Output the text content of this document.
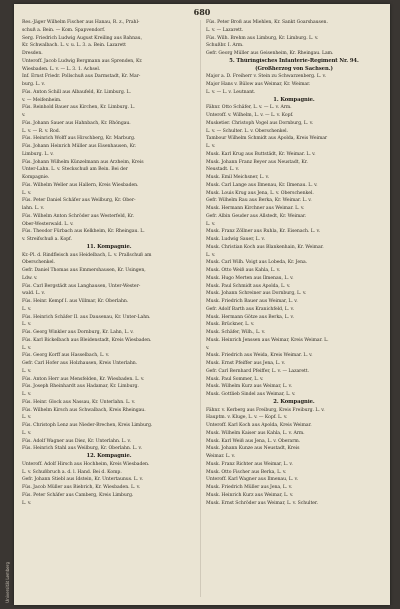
680
Res.-Jäger Wilhelm Fischer aus Hanau, R. z., Prahl-
schuß a. Bein. — Kom. Spapvendorf.
Serg. Friedrich Ludwig August Kreiling aus Bahnau,
Kr. Schwalbach. L. v. u. L. 3. a. Bein. Lazarett
Dresden.
Unteroff. Jacob Ludwig Bergmann aus Sprenden, Kr.
Wiesbaden. L. v. — L. 3. 1. Achsel.
Inf. Ernst Friedr. Pollschuß aus Darmstadt, Kr. Mar-
burg. L. v.
Füs. Anton Schill aus Albaufeld, Kr. Limburg. L.
v. — Meifenheim.
Füs. Reinhold Bauer aus Kirchen, Kr. Limburg. L.
v.
Füs. Johann Sauer aus Hahnbach, Kr. Rhöngau.
L. v. — R. v. Rod.
Füs. Heinrich Wolff aus Hirschberg, Kr. Marburg.
Füs. Johann Heinrich Müller aus Eisenhausen, Kr.
Limburg. L. v.
Füs. Johann Wilhelm Künzelmann aus Arzheim, Kreis
Unter-Lahn. L. v. Steckschuß am Bein. Bei der
Kompagnie.
Füs. Wilhelm Weller aus Hallern, Kreis Wiesbaden.
L. v.
Füs. Peter Daniel Schäfer aus Weilburg, Kr. Ober-
lahn. L. v.
Füs. Wilhelm Anton Schröder aus Westerfeld, Kr.
Ober-Westerwald. L. v.
Füs. Theodor Fürbach aus Kelkheim, Kr. Rheingau. L.
v. Streifschuß a. Kopf.
11. Kompagnie.
Kr.-Pl. d. Rindfleisch aus Heidelbach, L. v. Prallschuß am
Oberschenkel.
Gefr. Daniel Thomas aus Emmershausen, Kr. Usingen,
Ldw. v.
Füs. Carl Bergstädt aus Langhausen, Unter-Wester-
wald. L. v.
Füs. Heinr. Kempf I. aus Villmar, Kr. Oberlahn.
L. v.
Füs. Heinrich Schäfer II. aus Dausenau, Kr. Unter-Lahn.
L. v.
Füs. Georg Winkler aus Dornburg, Kr. Lahn, L. v.
Füs. Karl Bickelbach aus Bleidenstadt, Kreis Wiesbaden.
L. v.
Füs. Georg Korff aus Hasselbach, L. v.
Gefr. Carl Hofer aus Holzhausen, Kreis Unterlahn.
L. v.
Füs. Anton Herr aus Mensfelden, Kr. Wiesbaden. L. v.
Füs. Joseph Rheinhardt aus Hadamar, Kr. Limburg.
L. v.
Füs. Heinr. Glock aus Nassau, Kr. Unterlahn. L. v.
Füs. Wilhelm Kirsch aus Schwalbach, Kreis Rheingau.
L. v.
Füs. Christoph Lenz aus Nieder-Brechen, Kreis Limburg.
L. v.
Füs. Adolf Wagner aus Diez, Kr. Unterlahn. L. v.
Füs. Heinrich Stahl aus Weilburg, Kr. Oberlahn. L. v.
12. Kompagnie.
Unteroff. Adolf Hirsch aus Hochheim, Kreis Wiesbaden.
L. v. Schußbruch a. d. l. Hand. Bei d. Komp.
Gefr. Johann Stiebl aus Idstein, Kr. Untertaunus. L. v.
Füs. Jacob Müller aus Biebrich, Kr. Wiesbaden. L. v.
Füs. Peter Schäfer aus Camberg, Kreis Limburg.
L. v.
Füs. Peter Broß aus Miehlen, Kr. Sankt Goarshausen.
L. v. — Lazarett.
Füs. Wilh. Brehm aus Limburg, Kr. Limburg. L. v.
Schußbr. I. Arm.
Gefr. Georg Müller aus Geisenheim, Kr. Rheingau. Lam.
5. Thüringisches Infanterie-Regiment Nr. 94.
(Großherzog von Sachsen.)
Major a. D. Freiherr v. Stein zu Schwarzenberg. L. v.
Major Hans v. Bülow aus Weimar, Kr. Weimar.
L. v. — L. v. Leutnant.
1. Kompagnie.
Fähnr. Otto Schäfer, L. v. — L. v. Arm.
Unteroff. v. Wilhelm, L. v. — L. v. Kopf.
Musketier. Christoph Vogel aus Dornburg, L. v.
L. v. — Schulter. L. v. Oberschenkel.
Tambour Wilhelm Schmidt aus Apolda, Kreis Weimar
L. v.
Musk. Karl Krug aus Buttstädt, Kr. Weimar. L. v.
Musk. Johann Franz Beyer aus Neustadt, Kr.
Neustadt. L. v.
Musk. Emil Meichsner, L. v.
Musk. Carl Lange aus Ilmenau, Kr. Ilmenau. L. v.
Musk. Louis Krug aus Jena, L. v. Oberschenkel.
Gefr. Wilhelm Rau aus Berka, Kr. Weimar. L. v.
Musk. Hermann Kirchner aus Weimar. L. v.
Gefr. Albin Geuder aus Allstedt, Kr. Weimar.
L. v.
Musk. Franz Zöllner aus Ruhla, Kr. Eisenach. L. v.
Musk. Ludwig Sauer, L. v.
Musk. Christian Koch aus Blankenhain, Kr. Weimar.
L. v.
Musk. Carl Wilh. Voigt aus Lobeda, Kr. Jena.
Musk. Otto Weiß aus Kahla, L. v.
Musk. Hugo Merten aus Ilmenau, L. v.
Musk. Paul Schmidt aus Apolda, L. v.
Musk. Johann Schreiner aus Dornburg, L. v.
Musk. Friedrich Bauer aus Weimar, L. v.
Gefr. Adolf Barth aus Kranichfeld, L. v.
Musk. Hermann Götze aus Berka, L. v.
Musk. Brückner, L. v.
Musk. Schäfer, Wilh., L. v.
Musk. Heinrich Jenssen aus Weimar, Kreis Weimar. L.
v.
Musk. Friedrich aus Weida, Kreis Weimar. L. v.
Musk. Ernst Pfeiffer aus Jena, L. v.
Gefr. Carl Bernhard Pfeiffer, L. v. — Lazarett.
Musk. Paul Sommer, L. v.
Musk. Wilhelm Kurz aus Weimar, L. v.
Musk. Gottlieb Sindel aus Weimar, L. v.
2. Kompagnie.
Fähnr. v. Kerberg aus Freiburg, Kreis Freiburg. L. v.
Hauptm. v. Kluge, L. v. — Kopf. L. v.
Unteroff. Karl Koch aus Apolda, Kreis Weimar.
Musk. Wilhelm Kaiser aus Kahla, L. v. Arm.
Musk. Karl Weiß aus Jena, L. v. Oberarm.
Musk. Johann Kunze aus Neustadt, Kreis
Weimar. L. v.
Musk. Franz Richter aus Weimar, L. v.
Musk. Otto Fischer aus Berka, L. v.
Unteroff. Karl Wagner aus Ilmenau, L. v.
Musk. Friedrich Müller aus Jena, L. v.
Musk. Heinrich Kurz aus Weimar, L. v.
Musk. Ernst Schröder aus Weimar, L. v. Schulter.
Universität Lemberg
